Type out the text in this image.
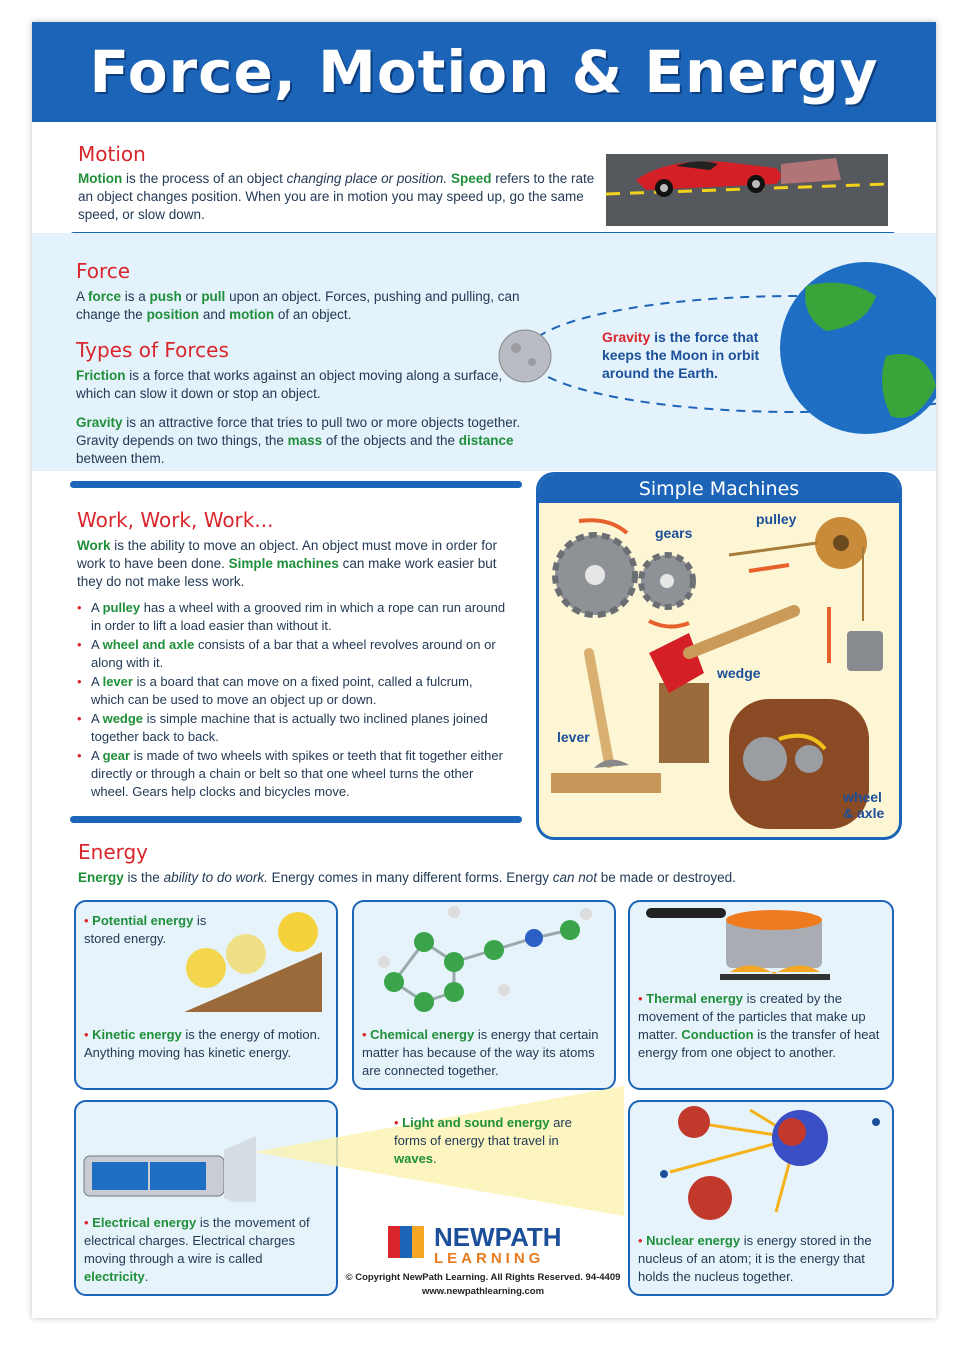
Force, Motion & Energy

Motion

Motion is the process of an object changing place or position. Speed refers to the rate an object changes position. When you are in motion you may speed up, go the same speed, or slow down.

Force

A force is a push or pull upon an object. Forces, pushing and pulling, can change the position and motion of an object.

Types of Forces

Friction is a force that works against an object moving along a surface, which can slow it down or stop an object.

Gravity is an attractive force that tries to pull two or more objects together. Gravity depends on two things, the mass of the objects and the distance between them.

Gravity is the force that keeps the Moon in orbit around the Earth.

Work, Work, Work...

Work is the ability to move an object. An object must move in order for work to have been done. Simple machines can make work easier but they do not make less work.

• A pulley has a wheel with a grooved rim in which a rope can run around in order to lift a load easier than without it.
• A wheel and axle consists of a bar that a wheel revolves around on or along with it.
• A lever is a board that can move on a fixed point, called a fulcrum, which can be used to move an object up or down.
• A wedge is simple machine that is actually two inclined planes joined together back to back.
• A gear is made of two wheels with spikes or teeth that fit together either directly or through a chain or belt so that one wheel turns the other wheel. Gears help clocks and bicycles move.
Simple Machines
gears
pulley
wedge
lever
wheel
& axle

Energy

Energy is the ability to do work. Energy comes in many different forms. Energy can not be made or destroyed.

• Potential energy is stored energy.
• Kinetic energy is the energy of motion. Anything moving has kinetic energy.
• Chemical energy is energy that certain matter has because of the way its atoms are connected together.
• Thermal energy is created by the movement of the particles that make up matter. Conduction is the transfer of heat energy from one object to another.
• Electrical energy is the movement of electrical charges. Electrical charges moving through a wire is called electricity.
• Light and sound energy are forms of energy that travel in waves.
• Nuclear energy is energy stored in the nucleus of an atom; it is the energy that holds the nucleus together.
NEWPATH
LEARNING
© Copyright NewPath Learning. All Rights Reserved. 94-4409
www.newpathlearning.com
